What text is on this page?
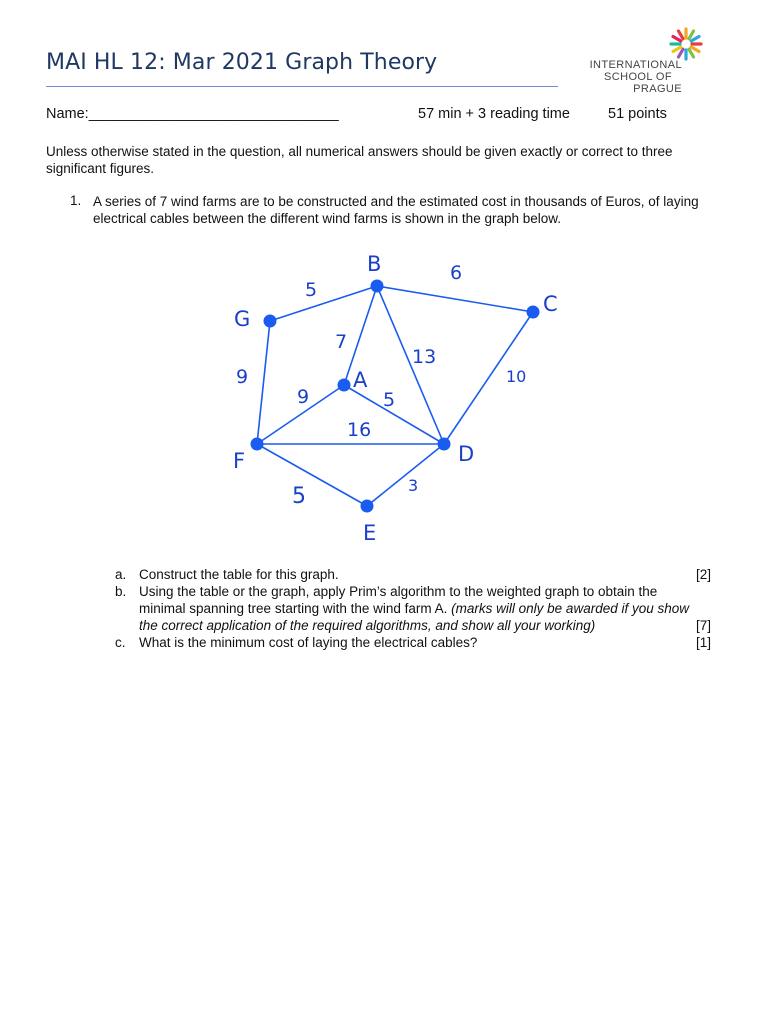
MAI HL 12: Mar 2021 Graph Theory	INTERNATIONAL
SCHOOL OF
PRAGUE
Name:_______________________________	57 min + 3 reading time	51 points

Unless otherwise stated in the question, all numerical answers should be given exactly or correct to three significant figures.

1. A series of 7 wind farms are to be constructed and the estimated cost in thousands of Euros, of laying electrical cables between the different wind farms is shown in the graph below.

B
C
G
A
D
F
E
5
6
7
13
10
9
9	5
16
5	3
a. Construct the table for this graph.	[2]
b. Using the table or the graph, apply Prim’s algorithm to the weighted graph to obtain the minimal spanning tree starting with the wind farm A. (marks will only be awarded if you show the correct application of the required algorithms, and show all your working)	[7]
c. What is the minimum cost of laying the electrical cables?	[1]
